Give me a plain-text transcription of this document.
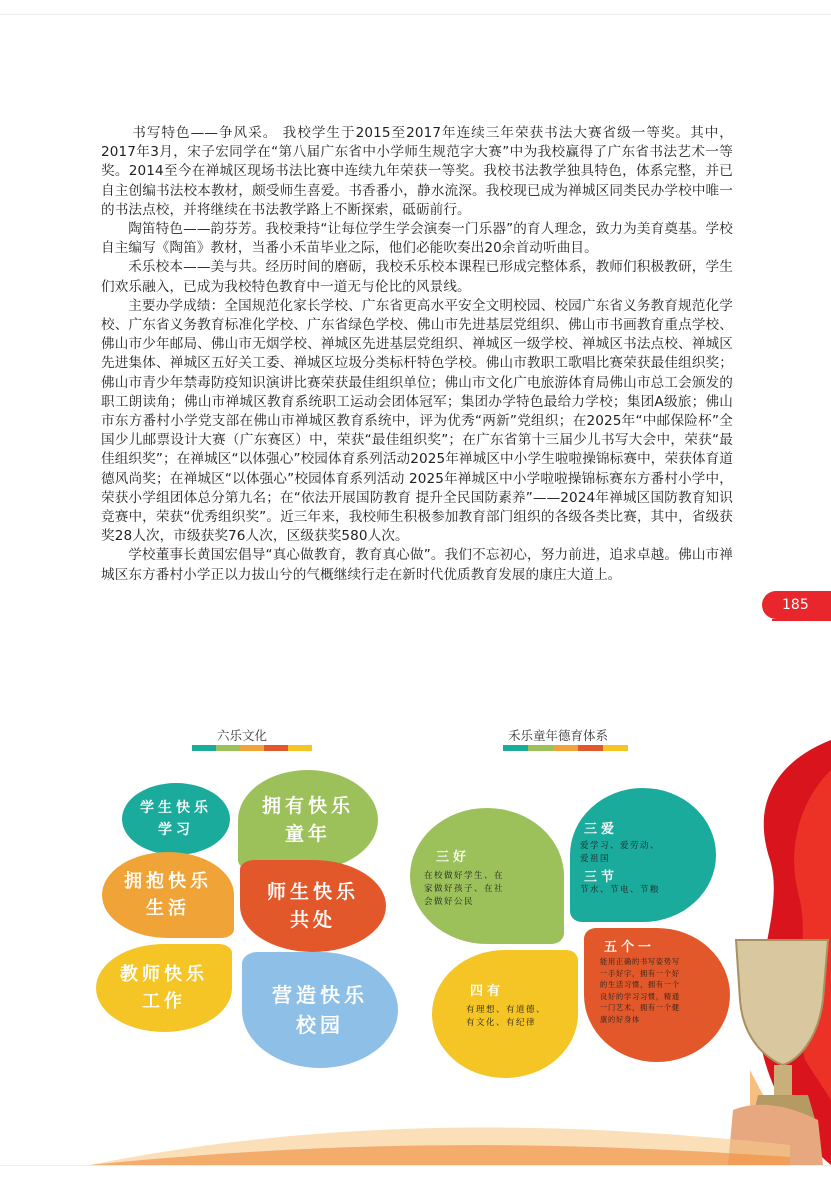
书写特色——争风采。 我校学生于2015至2017年连续三年荣获书法大赛省级一等奖。其中，2017年3月，宋子宏同学在“第八届广东省中小学师生规范字大赛”中为我校赢得了广东省书法艺术一等奖。2014至今在禅城区现场书法比赛中连续九年荣获一等奖。我校书法教学独具特色，体系完整，并已自主创编书法校本教材，颇受师生喜爱。书香番小，静水流深。我校现已成为禅城区同类民办学校中唯一的书法点校，并将继续在书法教学路上不断探索，砥砺前行。

陶笛特色——韵芬芳。我校秉持“让每位学生学会演奏一门乐器”的育人理念，致力为美育奠基。学校自主编写《陶笛》教材，当番小禾苗毕业之际，他们必能吹奏出20余首动听曲目。

禾乐校本——美与共。经历时间的磨砺，我校禾乐校本课程已形成完整体系，教师们积极教研，学生们欢乐融入，已成为我校特色教育中一道无与伦比的风景线。

主要办学成绩：全国规范化家长学校、广东省更高水平安全文明校园、校园广东省义务教育规范化学校、广东省义务教育标准化学校、广东省绿色学校、佛山市先进基层党组织、佛山市书画教育重点学校、佛山市少年邮局、佛山市无烟学校、禅城区先进基层党组织、禅城区一级学校、禅城区书法点校、禅城区先进集体、禅城区五好关工委、禅城区垃圾分类标杆特色学校。佛山市教职工歌唱比赛荣获最佳组织奖；佛山市青少年禁毒防疫知识演讲比赛荣获最佳组织单位；佛山市文化广电旅游体育局佛山市总工会颁发的职工朗读角；佛山市禅城区教育系统职工运动会团体冠军；集团办学特色最给力学校；集团A级旅；佛山市东方番村小学党支部在佛山市禅城区教育系统中，评为优秀“两新”党组织；在2025年“中邮保险杯”全国少儿邮票设计大赛（广东赛区）中，荣获“最佳组织奖”；在广东省第十三届少儿书写大会中，荣获“最佳组织奖”；在禅城区“以体强心”校园体育系列活动2025年禅城区中小学生啦啦操锦标赛中，荣获体育道德风尚奖；在禅城区“以体强心”校园体育系列活动 2025年禅城区中小学啦啦操锦标赛东方番村小学中，荣获小学组团体总分第九名；在“依法开展国防教育 提升全民国防素养”——2024年禅城区国防教育知识竞赛中，荣获“优秀组织奖”。近三年来，我校师生积极参加教育部门组织的各级各类比赛，其中，省级获奖28人次，市级获奖76人次，区级获奖580人次。

学校董事长黄国宏倡导“真心做教育，教育真心做”。我们不忘初心，努力前进，追求卓越。佛山市禅城区东方番村小学正以力拔山兮的气概继续行走在新时代优质教育发展的康庄大道上。

185
六乐文化	禾乐童年德育体系
学生快乐
学习
拥有快乐
童年
拥抱快乐
生活
师生快乐
共处
教师快乐
工作	营造快乐
校园
三好
在校做好学生、在
家做好孩子、在社
会做好公民
三爱
爱学习、爱劳动、
爱祖国
三节
节水、节电、节粮
四有
有理想、有道德、
有文化、有纪律
五个一
能用正确的书写姿势写
一手好字，拥有一个好
的生活习惯，拥有一个
良好的学习习惯，精通
一门艺术，拥有一个健
康的好身体
